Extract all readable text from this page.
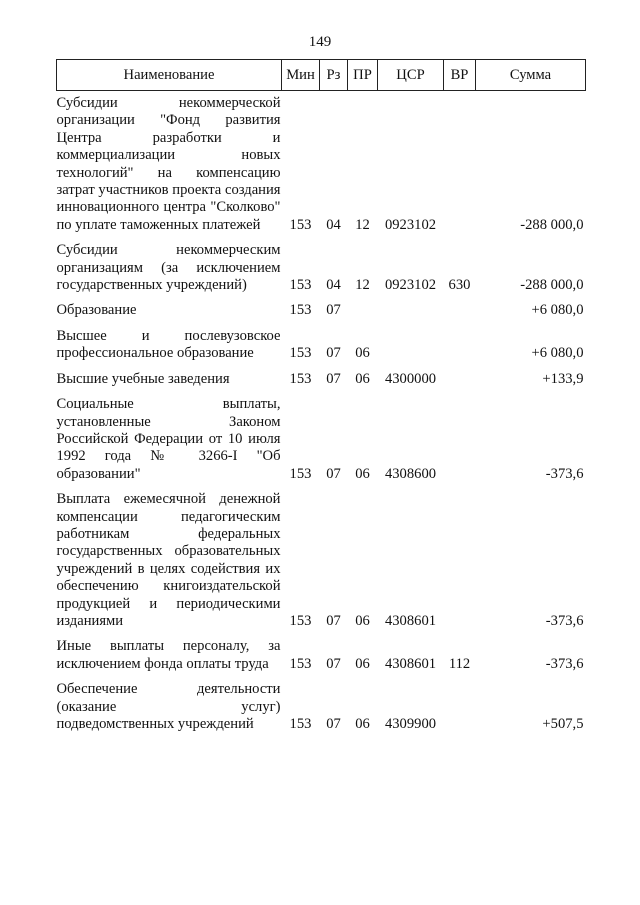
149
Наименование	Мин	Рз	ПР	ЦСР	ВР	Сумма
Субсидии некоммерческой организации "Фонд развития Центра разработки и коммерциализации новых технологий" на компенсацию затрат участников проекта создания инновационного центра "Сколково" по уплате таможенных платежей	153	04	12	0923102		-288 000,0
Субсидии некоммерческим организациям (за исключением государственных учреждений)	153	04	12	0923102	630	-288 000,0
Образование	153	07				+6 080,0
Высшее и послевузовское профессиональное образование	153	07	06			+6 080,0
Высшие учебные заведения	153	07	06	4300000		+133,9
Социальные выплаты, установленные Законом Российской Федерации от 10 июля 1992 года № 3266-I "Об образовании"	153	07	06	4308600		-373,6
Выплата ежемесячной денежной компенсации педагогическим работникам федеральных государственных образовательных учреждений в целях содействия их обеспечению книгоиздательской продукцией и периодическими изданиями	153	07	06	4308601		-373,6
Иные выплаты персоналу, за исключением фонда оплаты труда	153	07	06	4308601	112	-373,6
Обеспечение деятельности (оказание услуг) подведомственных учреждений	153	07	06	4309900		+507,5
